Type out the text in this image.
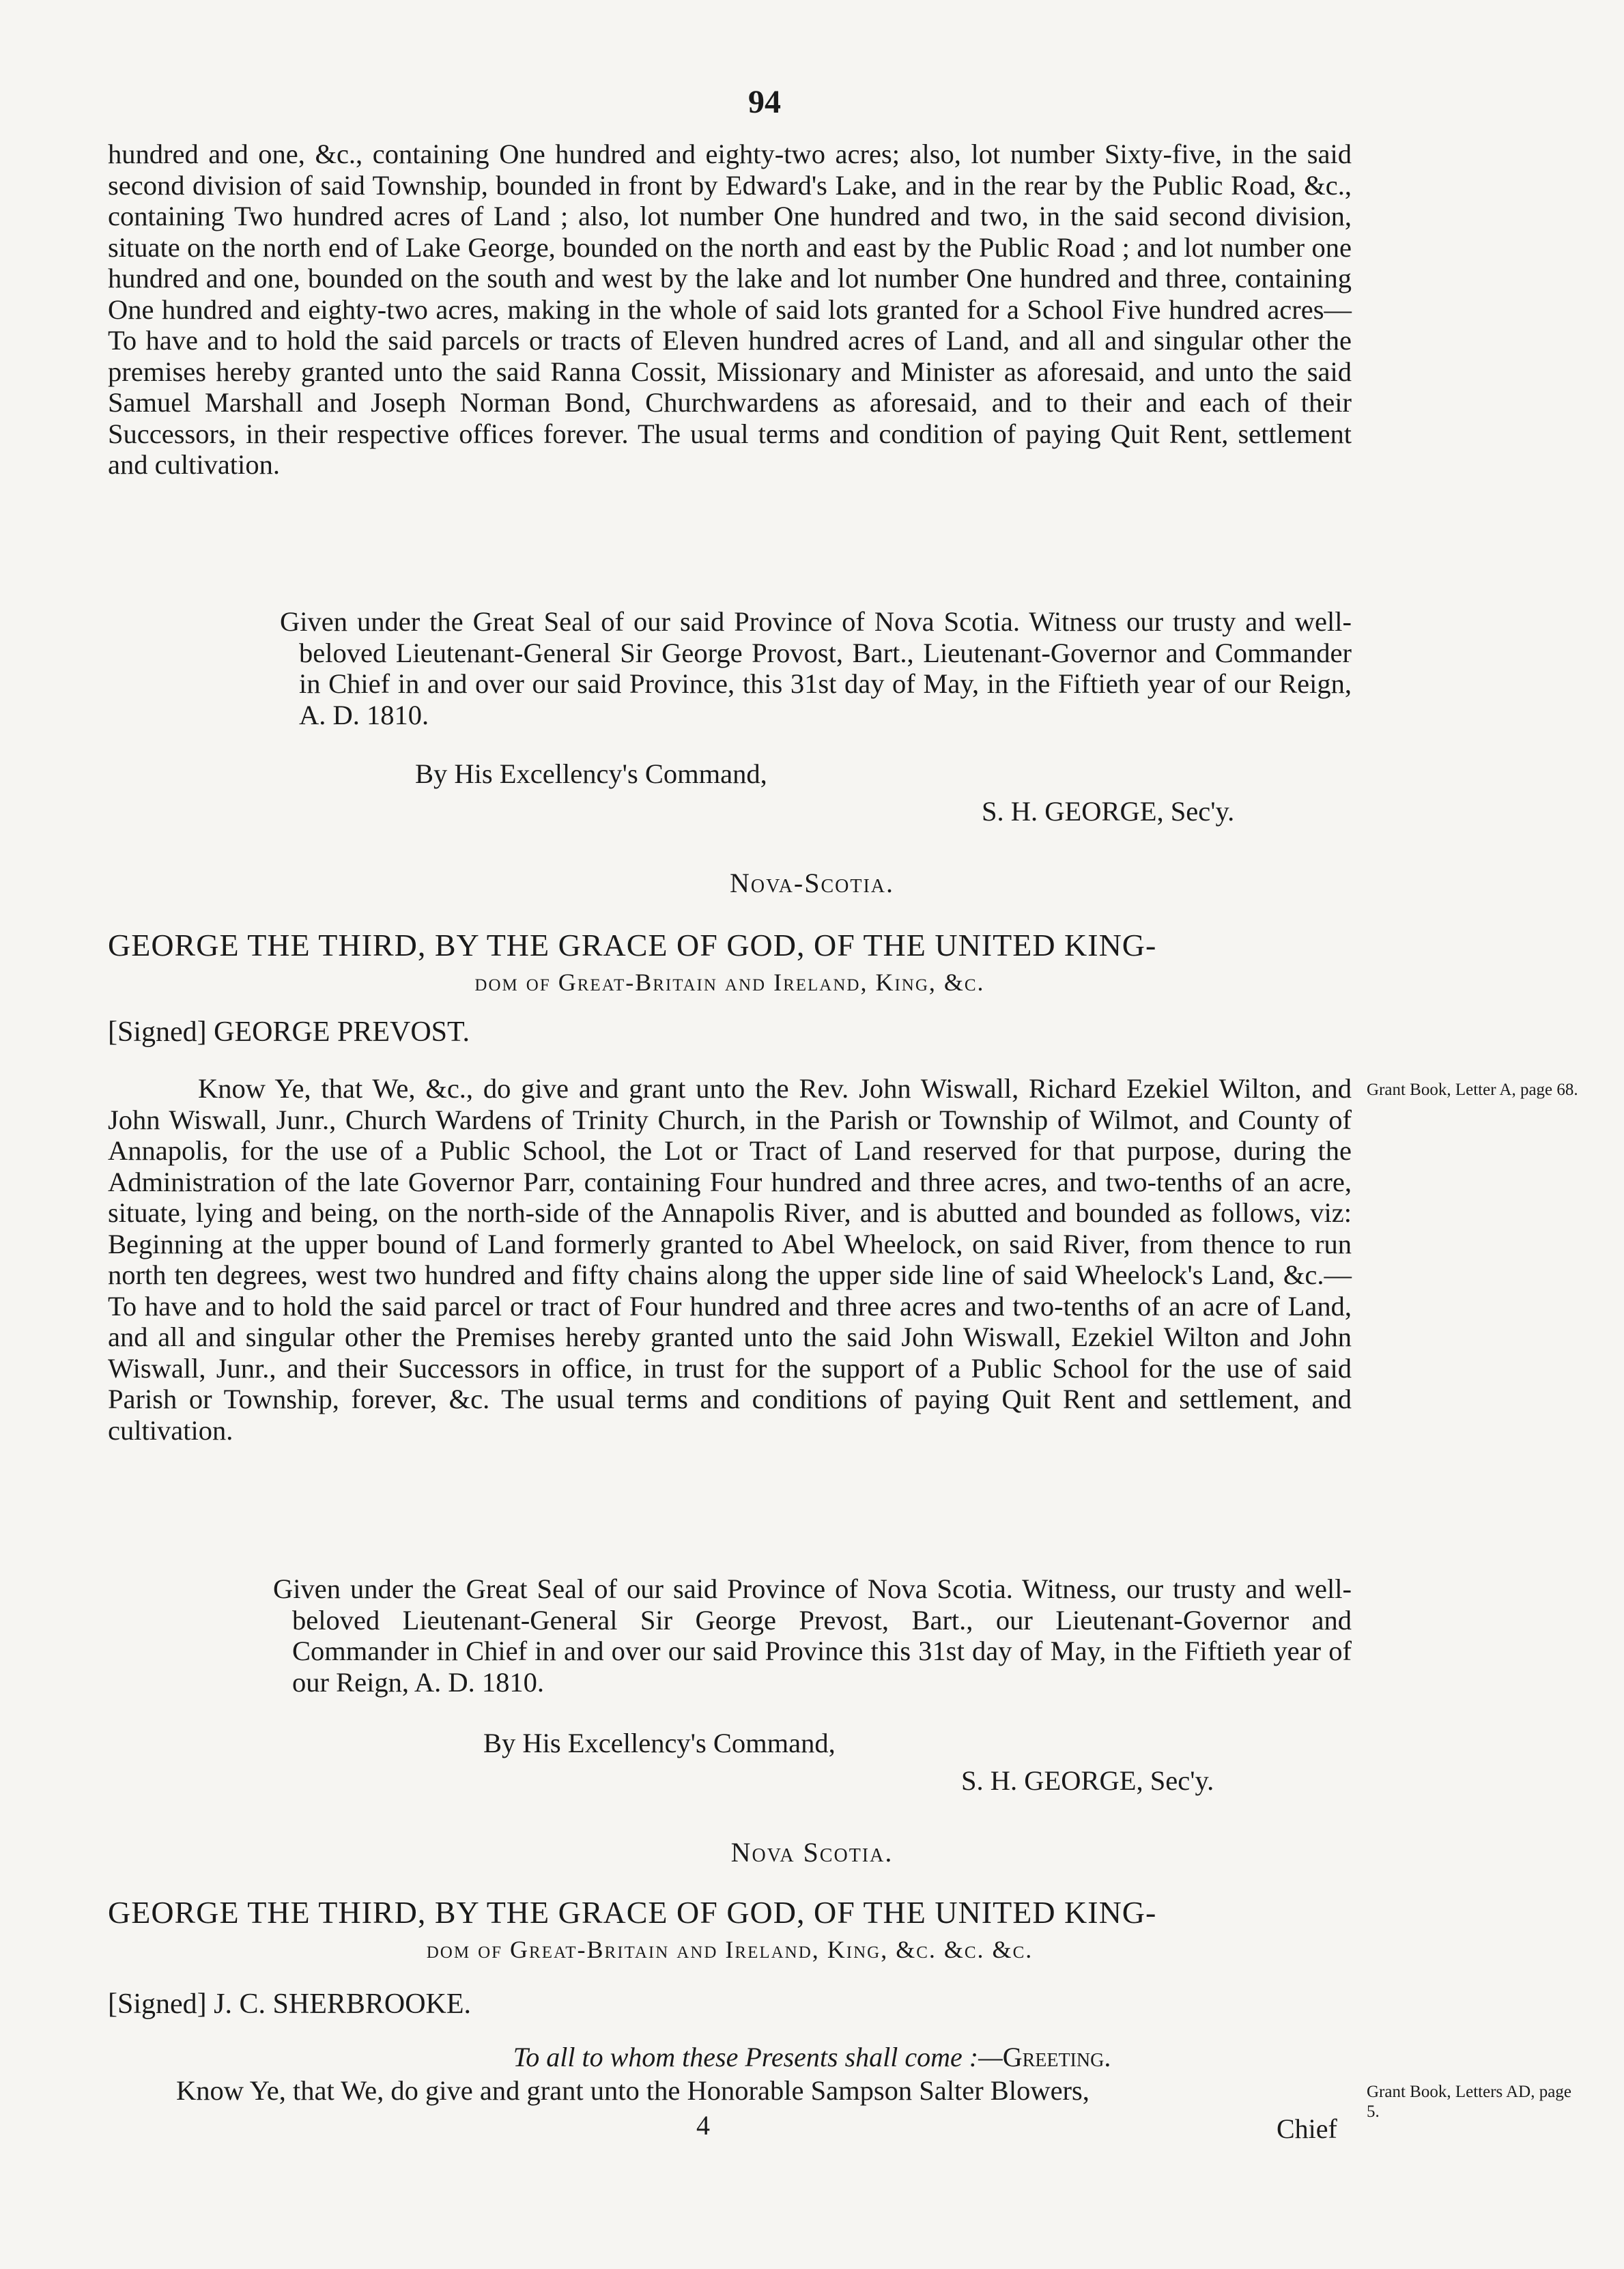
94

hundred and one, &c., containing One hundred and eighty-two acres; also, lot number Sixty-five, in the said second division of said Township, bounded in front by Edward's Lake, and in the rear by the Public Road, &c., containing Two hundred acres of Land ; also, lot number One hundred and two, in the said second division, situate on the north end of Lake George, bounded on the north and east by the Public Road ; and lot number one hundred and one, bounded on the south and west by the lake and lot number One hundred and three, containing One hundred and eighty-two acres, making in the whole of said lots granted for a School Five hundred acres—To have and to hold the said parcels or tracts of Eleven hundred acres of Land, and all and singular other the premises hereby granted unto the said Ranna Cossit, Missionary and Minister as aforesaid, and unto the said Samuel Marshall and Joseph Norman Bond, Churchwardens as aforesaid, and to their and each of their Successors, in their respective offices forever. The usual terms and condition of paying Quit Rent, settlement and cultivation.

Given under the Great Seal of our said Province of Nova Scotia. Witness our trusty and well-beloved Lieutenant-General Sir George Provost, Bart., Lieutenant-Governor and Commander in Chief in and over our said Province, this 31st day of May, in the Fiftieth year of our Reign, A. D. 1810.

By His Excellency's Command,
S. H. GEORGE, Sec'y.
Nova-Scotia.
GEORGE THE THIRD, BY THE GRACE OF GOD, OF THE UNITED KING-
dom of Great-Britain and Ireland, King, &c.
[Signed] GEORGE PREVOST.
Grant Book, Letter A, page 68.

Know Ye, that We, &c., do give and grant unto the Rev. John Wiswall, Richard Ezekiel Wilton, and John Wiswall, Junr., Church Wardens of Trinity Church, in the Parish or Township of Wilmot, and County of Annapolis, for the use of a Public School, the Lot or Tract of Land reserved for that purpose, during the Administration of the late Governor Parr, containing Four hundred and three acres, and two-tenths of an acre, situate, lying and being, on the north-side of the Annapolis River, and is abutted and bounded as follows, viz: Beginning at the upper bound of Land formerly granted to Abel Wheelock, on said River, from thence to run north ten degrees, west two hundred and fifty chains along the upper side line of said Wheelock's Land, &c.—To have and to hold the said parcel or tract of Four hundred and three acres and two-tenths of an acre of Land, and all and singular other the Premises hereby granted unto the said John Wiswall, Ezekiel Wilton and John Wiswall, Junr., and their Successors in office, in trust for the support of a Public School for the use of said Parish or Township, forever, &c. The usual terms and conditions of paying Quit Rent and settlement, and cultivation.

Given under the Great Seal of our said Province of Nova Scotia. Witness, our trusty and well-beloved Lieutenant-General Sir George Prevost, Bart., our Lieutenant-Governor and Commander in Chief in and over our said Province this 31st day of May, in the Fiftieth year of our Reign, A. D. 1810.

By His Excellency's Command,
S. H. GEORGE, Sec'y.
Nova Scotia.
GEORGE THE THIRD, BY THE GRACE OF GOD, OF THE UNITED KING-
dom of Great-Britain and Ireland, King, &c. &c. &c.
[Signed] J. C. SHERBROOKE.
To all to whom these Presents shall come :—Greeting.

Know Ye, that We, do give and grant unto the Honorable Sampson Salter Blowers,	Grant Book, Letters AD, page 5.
4	Chief
